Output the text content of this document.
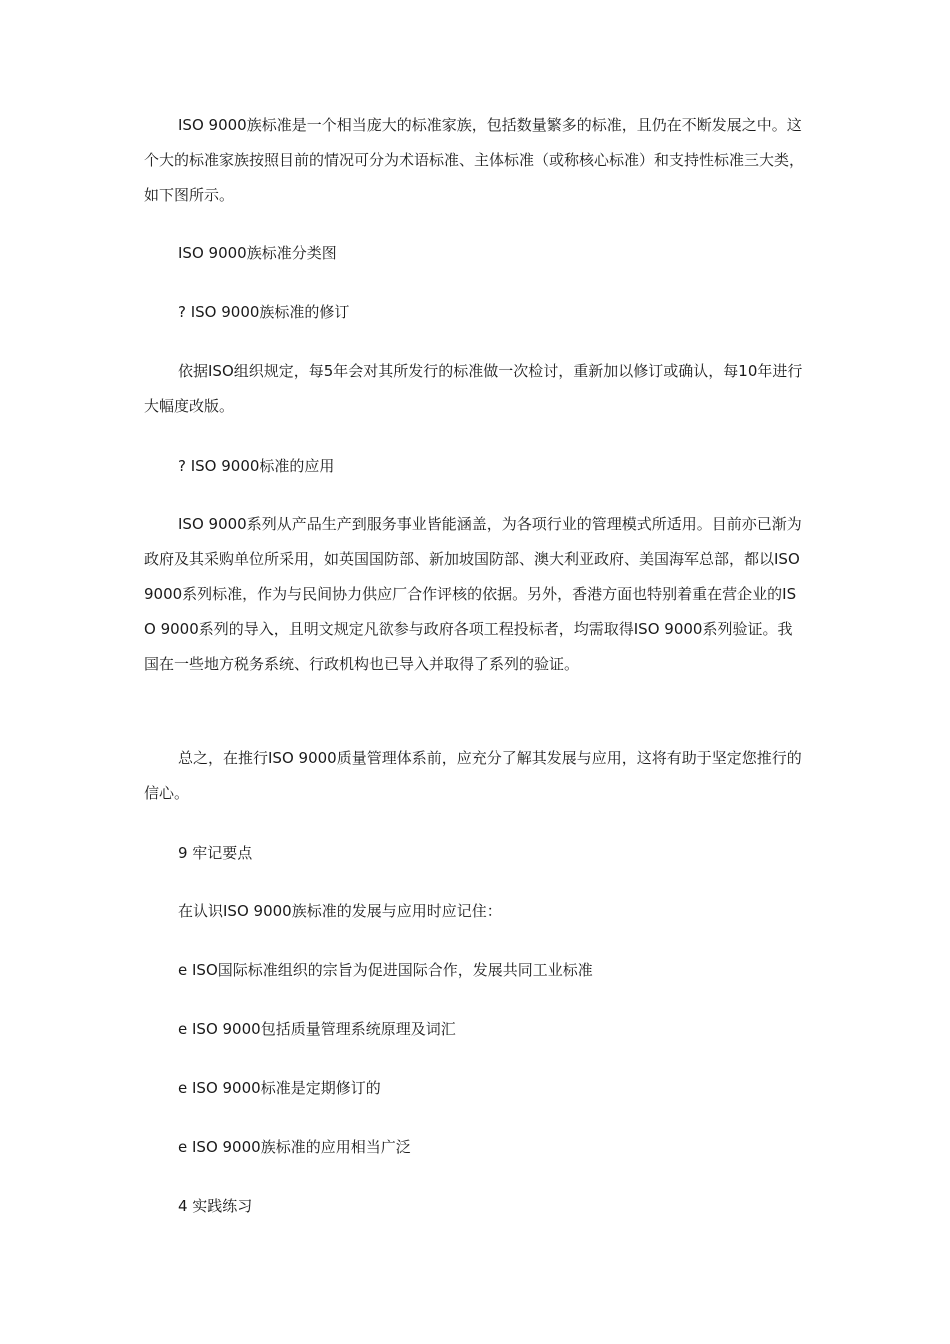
ISO 9000族标准是一个相当庞大的标准家族，包括数量繁多的标准，且仍在不断发展之中。这个大的标准家族按照目前的情况可分为术语标准、主体标准（或称核心标准）和支持性标准三大类，如下图所示。

ISO 9000族标准分类图

? ISO 9000族标准的修订

依据ISO组织规定，每5年会对其所发行的标准做一次检讨，重新加以修订或确认，每10年进行大幅度改版。

? ISO 9000标准的应用

ISO 9000系列从产品生产到服务事业皆能涵盖，为各项行业的管理模式所适用。目前亦已渐为政府及其采购单位所采用，如英国国防部、新加坡国防部、澳大利亚政府、美国海军总部，都以ISO 9000系列标准，作为与民间协力供应厂合作评核的依据。另外，香港方面也特别着重在营企业的ISO 9000系列的导入，且明文规定凡欲参与政府各项工程投标者，均需取得ISO 9000系列验证。我国在一些地方税务系统、行政机构也已导入并取得了系列的验证。

总之，在推行ISO 9000质量管理体系前，应充分了解其发展与应用，这将有助于坚定您推行的信心。

9 牢记要点

在认识ISO 9000族标准的发展与应用时应记住：

e ISO国际标准组织的宗旨为促进国际合作，发展共同工业标准

e ISO 9000包括质量管理系统原理及词汇

e ISO 9000标准是定期修订的

e ISO 9000族标准的应用相当广泛

4 实践练习
